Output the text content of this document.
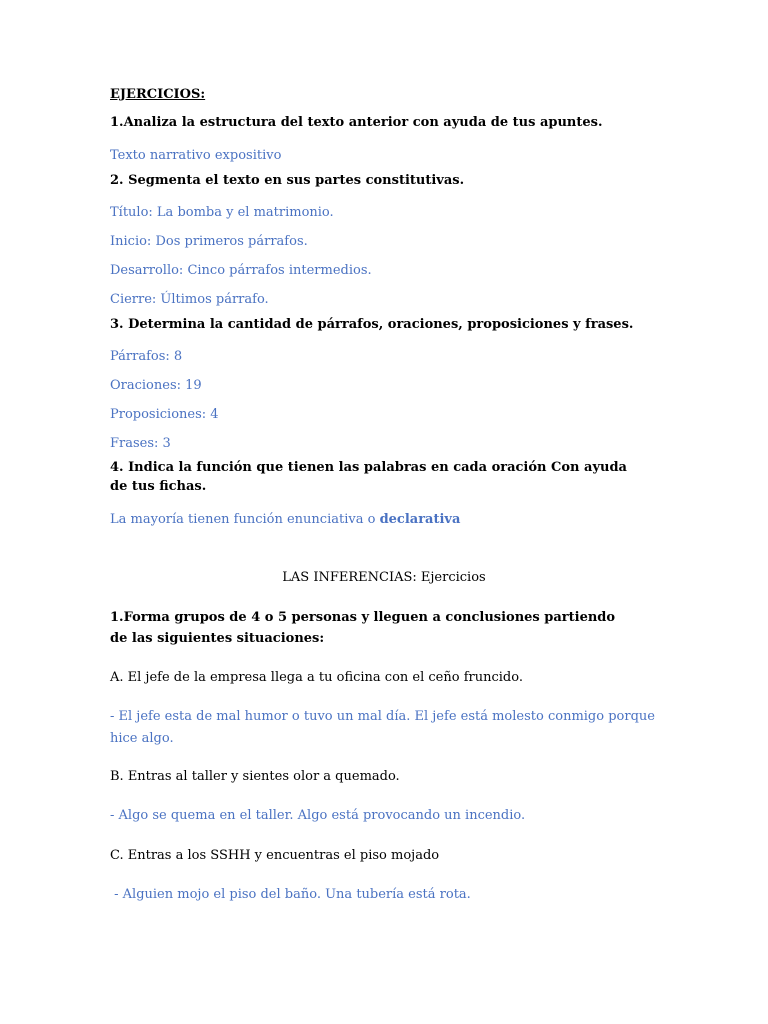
EJERCICIOS:

1.Analiza la estructura del texto anterior con ayuda de tus apuntes.

Texto narrativo expositivo

2. Segmenta el texto en sus partes constitutivas.

Título: La bomba y el matrimonio.

Inicio: Dos primeros párrafos.

Desarrollo: Cinco párrafos intermedios.

Cierre: Últimos párrafo.

3. Determina la cantidad de párrafos, oraciones, proposiciones y frases.

Párrafos: 8

Oraciones: 19

Proposiciones: 4

Frases: 3

4. Indica la función que tienen las palabras en cada oración Con ayuda de tus fichas.

La mayoría tienen función enunciativa o declarativa

LAS INFERENCIAS: Ejercicios

1.Forma grupos de 4 o 5 personas y lleguen a conclusiones partiendo de las siguientes situaciones:

A. El jefe de la empresa llega a tu oficina con el ceño fruncido.

- El jefe esta de mal humor o tuvo un mal día. El jefe está molesto conmigo porque hice algo.

B. Entras al taller y sientes olor a quemado.

- Algo se quema en el taller. Algo está provocando un incendio.

C. Entras a los SSHH y encuentras el piso mojado

- Alguien mojo el piso del baño. Una tubería está rota.
